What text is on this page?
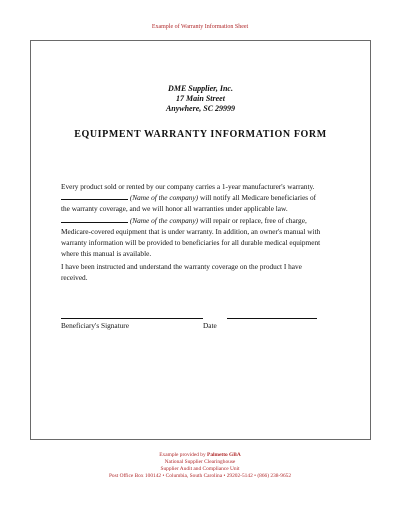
Example of Warranty Information Sheet
DME Supplier, Inc.
17 Main Street
Anywhere, SC 29999
EQUIPMENT WARRANTY INFORMATION FORM
Every product sold or rented by our company carries a 1-year manufacturer's warranty.
(Name of the company) will notify all Medicare beneficiaries of
the warranty coverage, and we will honor all warranties under applicable law.
(Name of the company) will repair or replace, free of charge,
Medicare-covered equipment that is under warranty. In addition, an owner's manual with
warranty information will be provided to beneficiaries for all durable medical equipment
where this manual is available.
I have been instructed and understand the warranty coverage on the product I have
received.
Beneficiary's Signature	Date
Example provided by Palmetto GBA
National Supplier Clearinghouse
Supplier Audit and Compliance Unit
Post Office Box 100142 • Columbia, South Carolina • 29202-5142 • (866) 238-9652
